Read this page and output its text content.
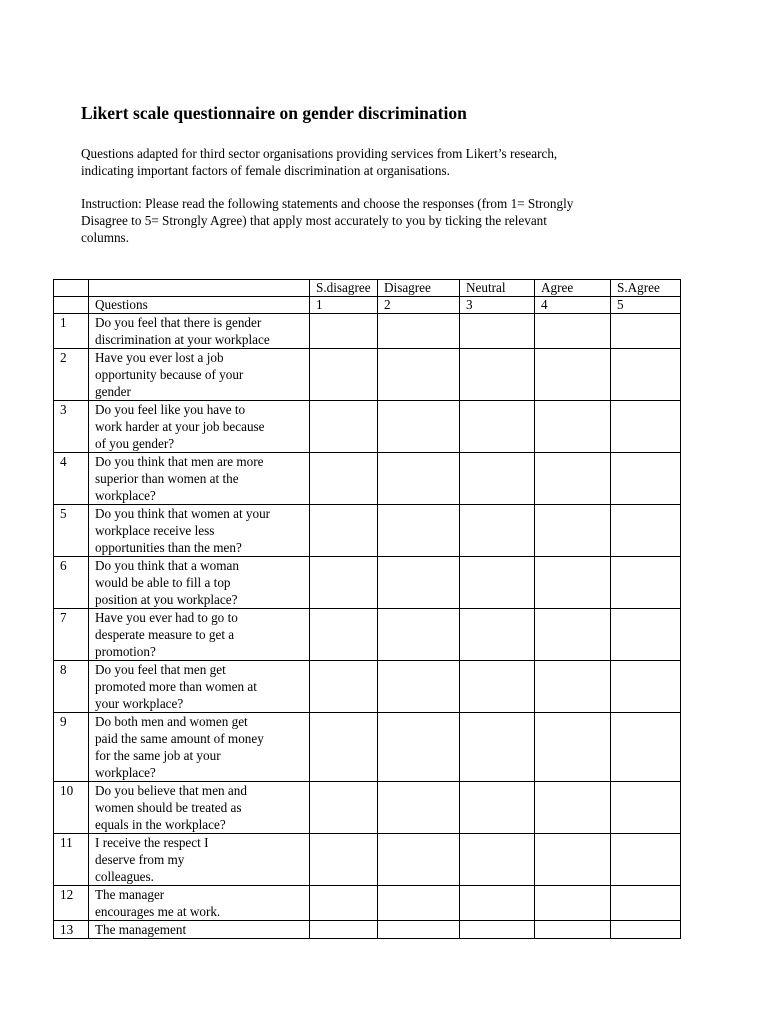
Likert scale questionnaire on gender discrimination
Questions adapted for third sector organisations providing services from Likert’s research,
indicating important factors of female discrimination at organisations.
Instruction: Please read the following statements and choose the responses (from 1= Strongly
Disagree to 5= Strongly Agree) that apply most accurately to you by ticking the relevant
columns.
		S.disagree	Disagree	Neutral	Agree	S.Agree
	Questions	1	2	3	4	5
1	Do you feel that there is gender
discrimination at your workplace					
2	Have you ever lost a job
opportunity because of your
gender					
3	Do you feel like you have to
work harder at your job because
of you gender?					
4	Do you think that men are more
superior than women at the
workplace?					
5	Do you think that women at your
workplace receive less
opportunities than the men?					
6	Do you think that a woman
would be able to fill a top
position at you workplace?					
7	Have you ever had to go to
desperate measure to get a
promotion?					
8	Do you feel that men get
promoted more than women at
your workplace?					
9	Do both men and women get
paid the same amount of money
for the same job at your
workplace?					
10	Do you believe that men and
women should be treated as
equals in the workplace?					
11	I receive the respect I
deserve from my
colleagues.					
12	The manager
encourages me at work.					
13	The management					
